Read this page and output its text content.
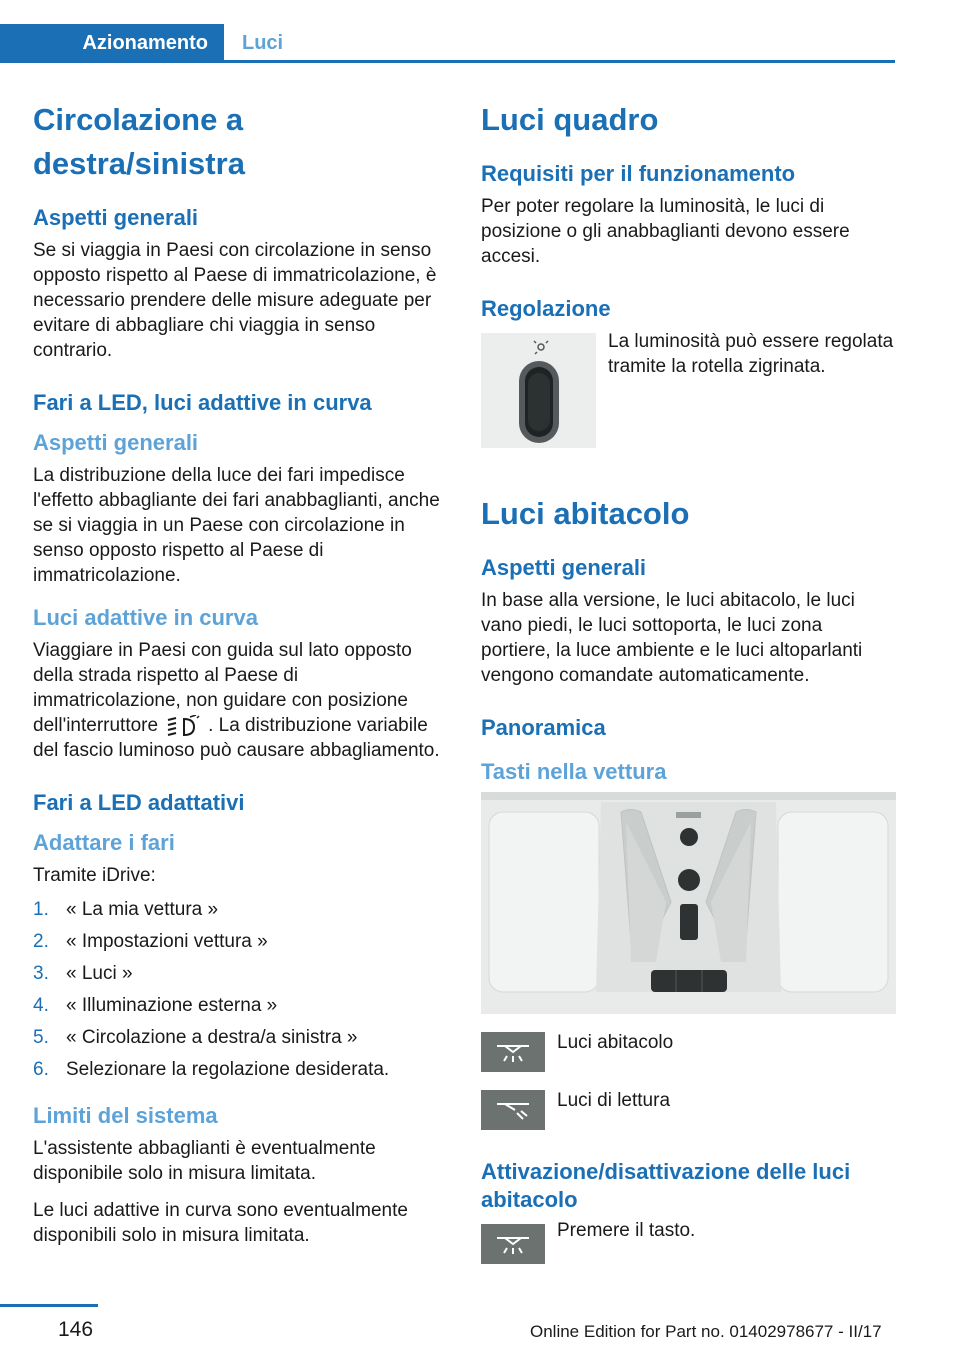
Azionamento	Luci
Circolazione a destra/sinistra
Aspetti generali

Se si viaggia in Paesi con circolazione in senso opposto rispetto al Paese di immatricolazione, è necessario prendere delle misure adeguate per evitare di abbagliare chi viaggia in senso contrario.

Fari a LED, luci adattive in curva
Aspetti generali

La distribuzione della luce dei fari impedisce l'effetto abbagliante dei fari anabbaglianti, anche se si viaggia in un Paese con circolazione in senso opposto rispetto al Paese di immatricolazione.

Luci adattive in curva

Viaggiare in Paesi con guida sul lato opposto della strada rispetto al Paese di immatricolazione, non guidare con posizione dell'interruttore	. La distribuzione variabile del fascio luminoso può causare abbagliamento.

Fari a LED adattativi
Adattare i fari

Tramite iDrive:

1. « La mia vettura »
2. « Impostazioni vettura »
3. « Luci »
4. « Illuminazione esterna »
5. « Circolazione a destra/a sinistra »
6. Selezionare la regolazione desiderata.
Limiti del sistema

L'assistente abbaglianti è eventualmente disponibile solo in misura limitata.

Le luci adattive in curva sono eventualmente disponibili solo in misura limitata.

Luci quadro
Requisiti per il funzionamento

Per poter regolare la luminosità, le luci di posizione o gli anabbaglianti devono essere accesi.

Regolazione

La luminosità può essere regolata tramite la rotella zigrinata.

Luci abitacolo
Aspetti generali

In base alla versione, le luci abitacolo, le luci vano piedi, le luci sottoporta, le luci zona portiere, la luce ambiente e le luci altoparlanti vengono comandate automaticamente.

Panoramica
Tasti nella vettura

Luci abitacolo

Luci di lettura

Attivazione/disattivazione delle luci abitacolo

Premere il tasto.

146	Online Edition for Part no. 01402978677 - II/17
